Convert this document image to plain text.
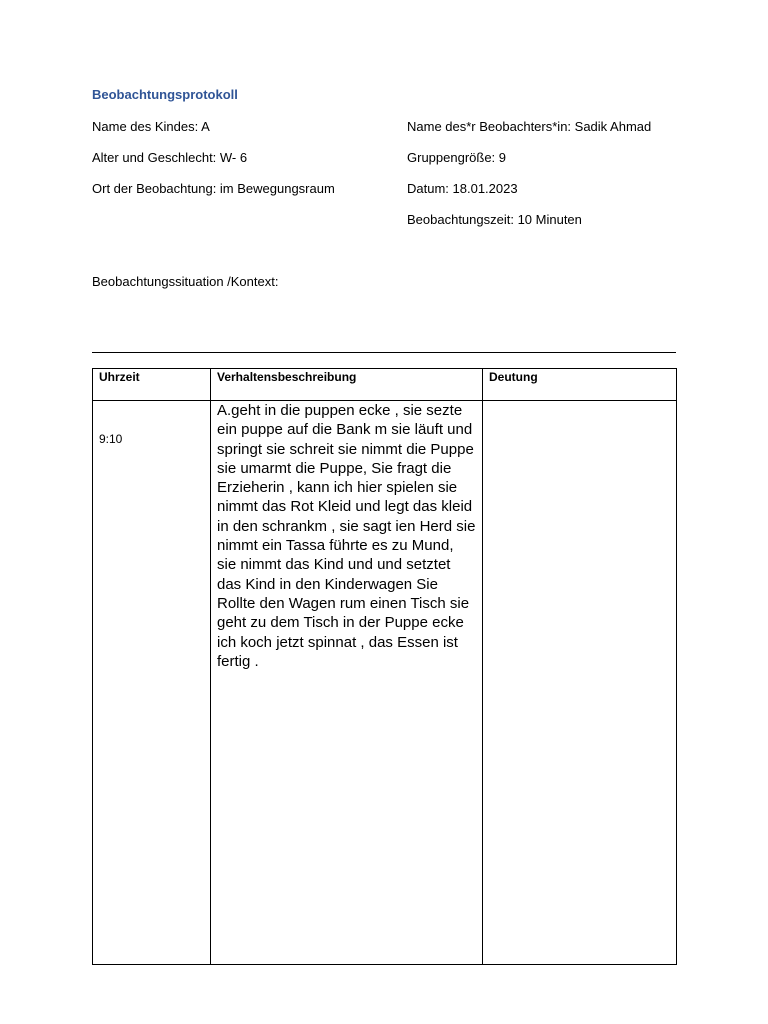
Beobachtungsprotokoll
Name des Kindes: A
Alter und Geschlecht: W- 6
Ort der Beobachtung: im Bewegungsraum
Name des*r Beobachters*in: Sadik Ahmad
Gruppengröße: 9
Datum: 18.01.2023
Beobachtungszeit: 10 Minuten
Beobachtungssituation /Kontext:
Uhrzeit	Verhaltensbeschreibung	Deutung
9:10	A.geht in die puppen ecke , sie sezte ein puppe auf die Bank m sie läuft und springt sie schreit sie nimmt die Puppe sie umarmt die Puppe, Sie fragt die Erzieherin , kann ich hier spielen sie nimmt das Rot Kleid und legt das kleid in den schrankm , sie sagt ien Herd sie nimmt ein Tassa führte es zu Mund, sie nimmt das Kind und und setztet das Kind in den Kinderwagen Sie Rollte den Wagen rum einen Tisch sie geht zu dem Tisch in der Puppe ecke ich koch jetzt spinnat , das Essen ist fertig .	
